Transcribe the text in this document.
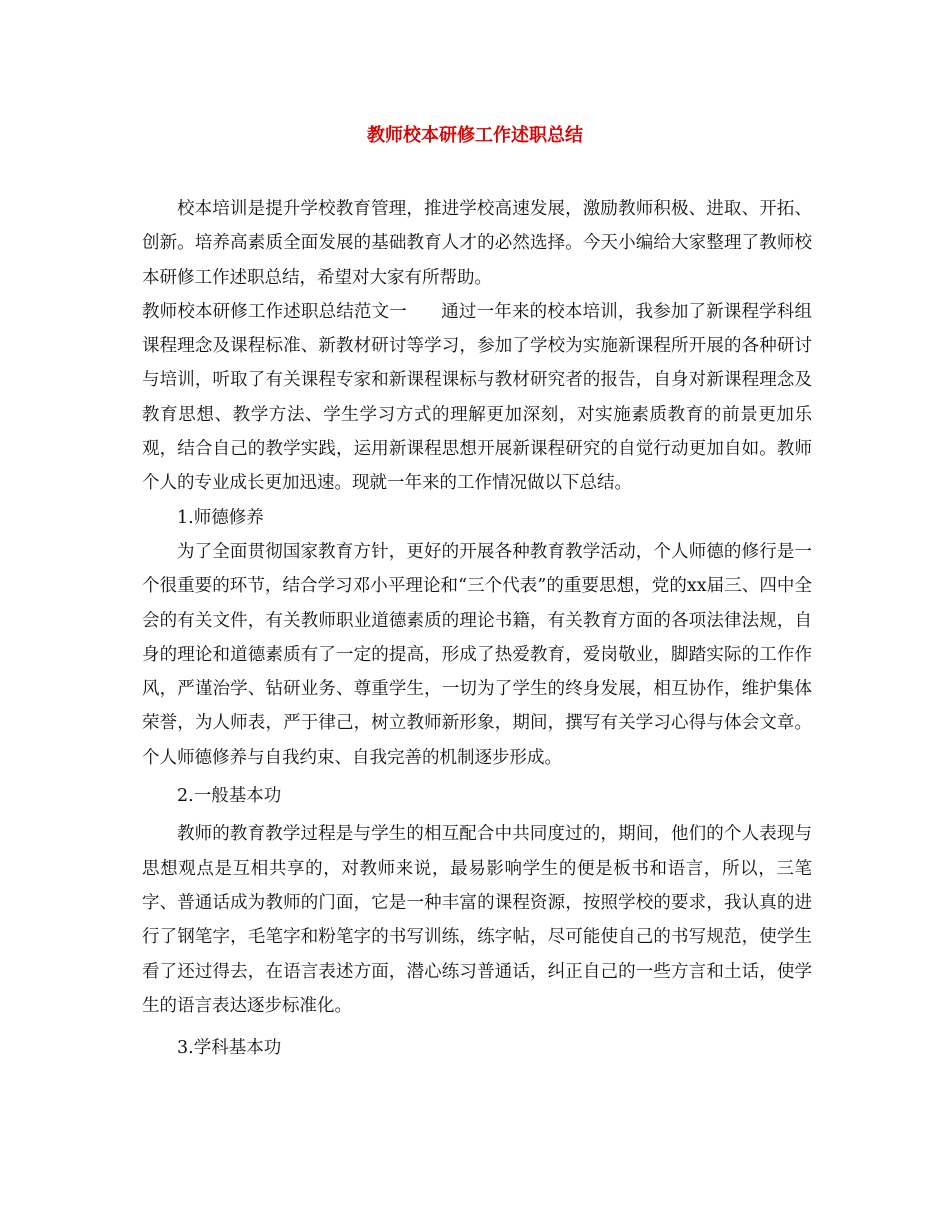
教师校本研修工作述职总结

校本培训是提升学校教育管理，推进学校高速发展，激励教师积极、进取、开拓、创新。培养高素质全面发展的基础教育人才的必然选择。今天小编给大家整理了教师校本研修工作述职总结，希望对大家有所帮助。

教师校本研修工作述职总结范文一 通过一年来的校本培训，我参加了新课程学科组课程理念及课程标准、新教材研讨等学习，参加了学校为实施新课程所开展的各种研讨与培训，听取了有关课程专家和新课程课标与教材研究者的报告，自身对新课程理念及教育思想、教学方法、学生学习方式的理解更加深刻，对实施素质教育的前景更加乐观，结合自己的教学实践，运用新课程思想开展新课程研究的自觉行动更加自如。教师个人的专业成长更加迅速。现就一年来的工作情况做以下总结。

1.师德修养

为了全面贯彻国家教育方针，更好的开展各种教育教学活动，个人师德的修行是一个很重要的环节，结合学习邓小平理论和“三个代表”的重要思想，党的xx届三、四中全会的有关文件，有关教师职业道德素质的理论书籍，有关教育方面的各项法律法规，自身的理论和道德素质有了一定的提高，形成了热爱教育，爱岗敬业，脚踏实际的工作作风，严谨治学、钻研业务、尊重学生，一切为了学生的终身发展，相互协作，维护集体荣誉，为人师表，严于律己，树立教师新形象，期间，撰写有关学习心得与体会文章。个人师德修养与自我约束、自我完善的机制逐步形成。

2.一般基本功

教师的教育教学过程是与学生的相互配合中共同度过的，期间，他们的个人表现与思想观点是互相共享的，对教师来说，最易影响学生的便是板书和语言，所以，三笔字、普通话成为教师的门面，它是一种丰富的课程资源，按照学校的要求，我认真的进行了钢笔字，毛笔字和粉笔字的书写训练，练字帖，尽可能使自己的书写规范，使学生看了还过得去，在语言表述方面，潜心练习普通话，纠正自己的一些方言和土话，使学生的语言表达逐步标准化。

3.学科基本功
